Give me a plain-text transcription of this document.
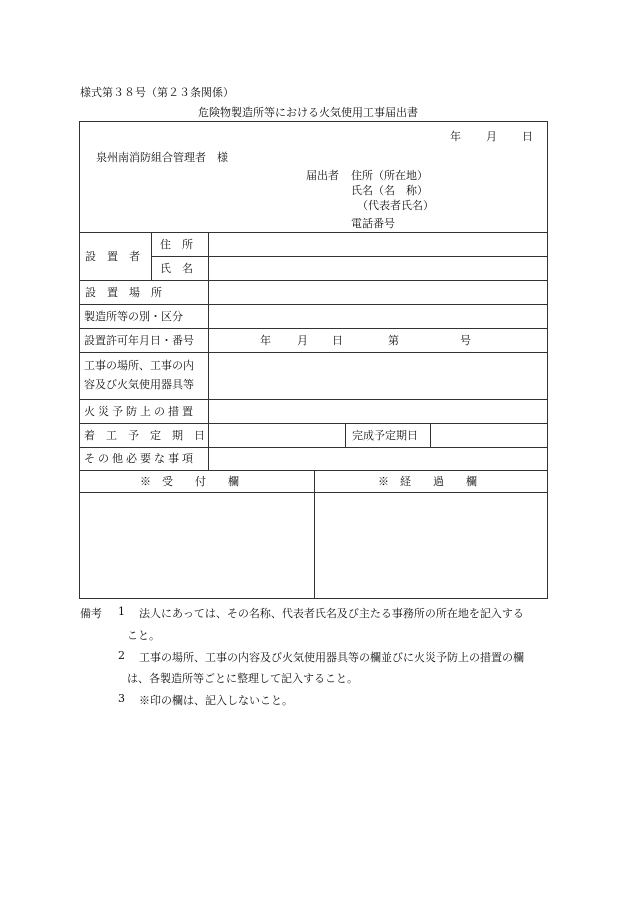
様式第３８号（第２３条関係）
危険物製造所等における火気使用工事届出書
年 月 日
泉州南消防組合管理者　様
届出者 住所（所在地）
氏名（名　称）
（代表者氏名）
電話番号
設　置　者
住　所
氏　名
設　置　場　所
製造所等の別・区分
設置許可年月日・番号	年 月 日	第	号
工事の場所、工事の内
容及び火気使用器具等
火災予防上の措置
着　工　予　定　期　日	完成予定期日
その他必要な事項
※　受　　付　　欄	※　経　　過　　欄
備考 1 法人にあっては、その名称、代表者氏名及び主たる事務所の所在地を記入する
こと。
2 工事の場所、工事の内容及び火気使用器具等の欄並びに火災予防上の措置の欄
は、各製造所等ごとに整理して記入すること。
3 ※印の欄は、記入しないこと。
